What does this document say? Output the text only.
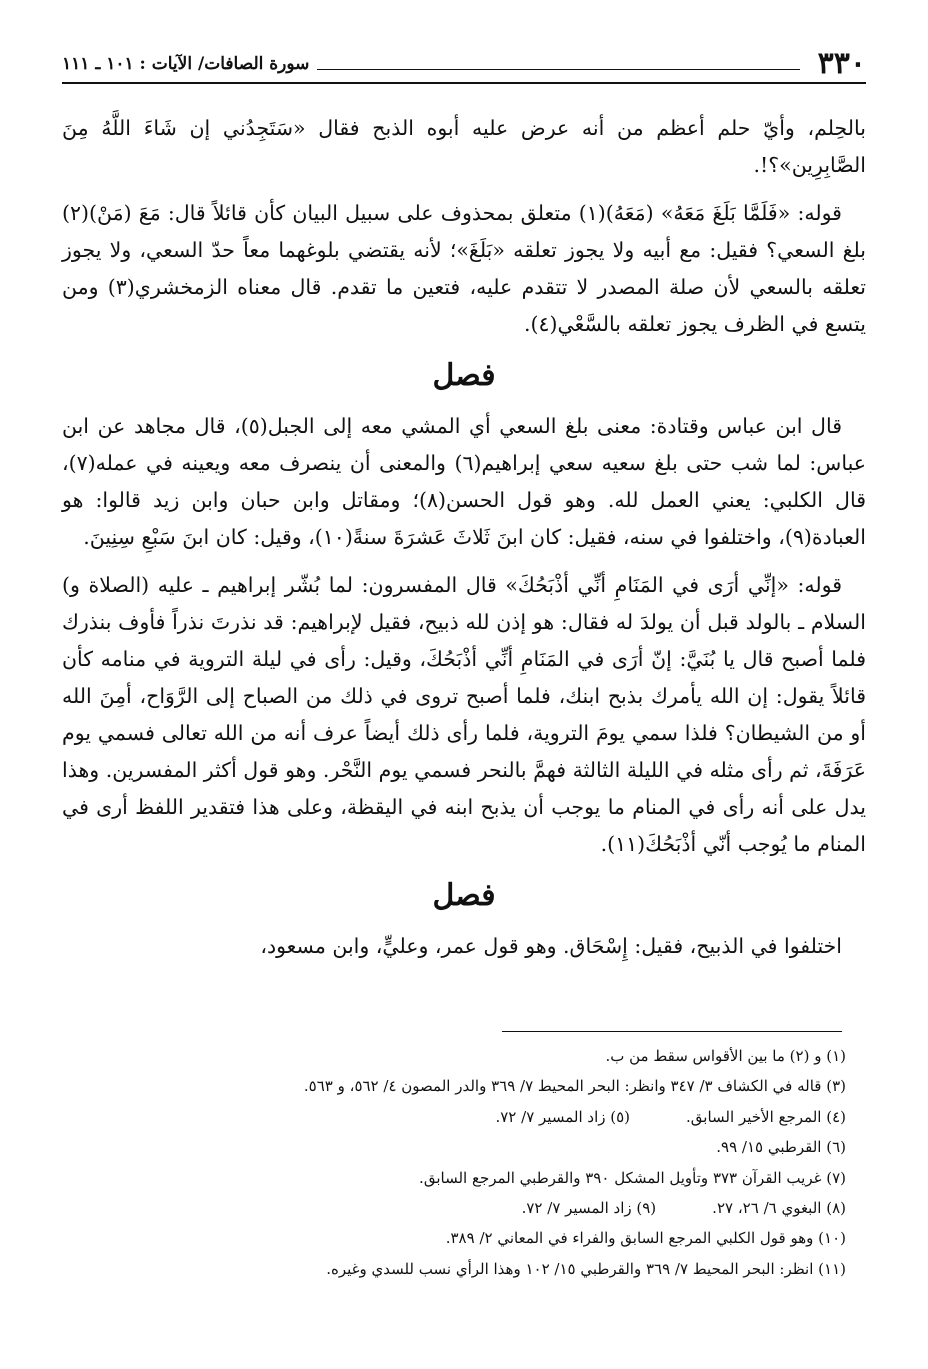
٣٣٠
سورة الصافات/ الآيات : ١٠١ ـ ١١١

بالحِلم، وأيّ حلم أعظم من أنه عرض عليه أبوه الذبح فقال «سَتَجِدُني إن شَاءَ اللَّهُ مِنَ الصَّابِرِين»؟!.

قوله: «فَلَمَّا بَلَغَ مَعَهُ» (مَعَهُ)(١) متعلق بمحذوف على سبيل البيان كأن قائلاً قال: مَعَ (مَنْ)(٢) بلغ السعي؟ فقيل: مع أبيه ولا يجوز تعلقه «بَلَغَ»؛ لأنه يقتضي بلوغهما معاً حدّ السعي، ولا يجوز تعلقه بالسعي لأن صلة المصدر لا تتقدم عليه، فتعين ما تقدم. قال معناه الزمخشري(٣) ومن يتسع في الظرف يجوز تعلقه بالسَّعْي(٤).

فصل

قال ابن عباس وقتادة: معنى بلغ السعي أي المشي معه إلى الجبل(٥)، قال مجاهد عن ابن عباس: لما شب حتى بلغ سعيه سعي إبراهيم(٦) والمعنى أن ينصرف معه ويعينه في عمله(٧)، قال الكلبي: يعني العمل لله. وهو قول الحسن(٨)؛ ومقاتل وابن حبان وابن زيد قالوا: هو العبادة(٩)، واختلفوا في سنه، فقيل: كان ابنَ ثَلاثَ عَشرَةَ سنةً(١٠)، وقيل: كان ابنَ سَبْعِ سِنِينَ.

قوله: «إنِّي أرَى في المَنَامِ أنِّي أذْبَحُكَ» قال المفسرون: لما بُشّر إبراهيم ـ عليه (الصلاة و) السلام ـ بالولد قبل أن يولدَ له فقال: هو إذن لله ذبيح، فقيل لإبراهيم: قد نذرتَ نذراً فأوف بنذرك فلما أصبح قال يا بُنَيَّ: إنّ أرَى في المَنَامِ أنِّي أذْبَحُكَ، وقيل: رأى في ليلة التروية في منامه كأن قائلاً يقول: إن الله يأمرك بذبح ابنك، فلما أصبح تروى في ذلك من الصباح إلى الرَّوَاح، أمِنَ الله أو من الشيطان؟ فلذا سمي يومَ التروية، فلما رأى ذلك أيضاً عرف أنه من الله تعالى فسمي يوم عَرَفَةَ، ثم رأى مثله في الليلة الثالثة فهمَّ بالنحر فسمي يوم النَّحْر. وهو قول أكثر المفسرين. وهذا يدل على أنه رأى في المنام ما يوجب أن يذبح ابنه في اليقظة، وعلى هذا فتقدير اللفظ أرى في المنام ما يُوجب أنّي أذْبَحُكَ(١١).

فصل

اختلفوا في الذبيح، فقيل: إِسْحَاق. وهو قول عمر، وعليٍّ، وابن مسعود،

(١) و (٢) ما بين الأقواس سقط من ب.
(٣) قاله في الكشاف ٣/ ٣٤٧ وانظر: البحر المحيط ٧/ ٣٦٩ والدر المصون ٤/ ٥٦٢، و ٥٦٣.
(٤) المرجع الأخير السابق.
(٥) زاد المسير ٧/ ٧٢.
(٦) القرطبي ١٥/ ٩٩.
(٧) غريب القرآن ٣٧٣ وتأويل المشكل ٣٩٠ والقرطبي المرجع السابق.
(٨) البغوي ٦/ ٢٦، ٢٧.
(٩) زاد المسير ٧/ ٧٢.
(١٠) وهو قول الكلبي المرجع السابق والفراء في المعاني ٢/ ٣٨٩.
(١١) انظر: البحر المحيط ٧/ ٣٦٩ والقرطبي ١٥/ ١٠٢ وهذا الرأي نسب للسدي وغيره.
